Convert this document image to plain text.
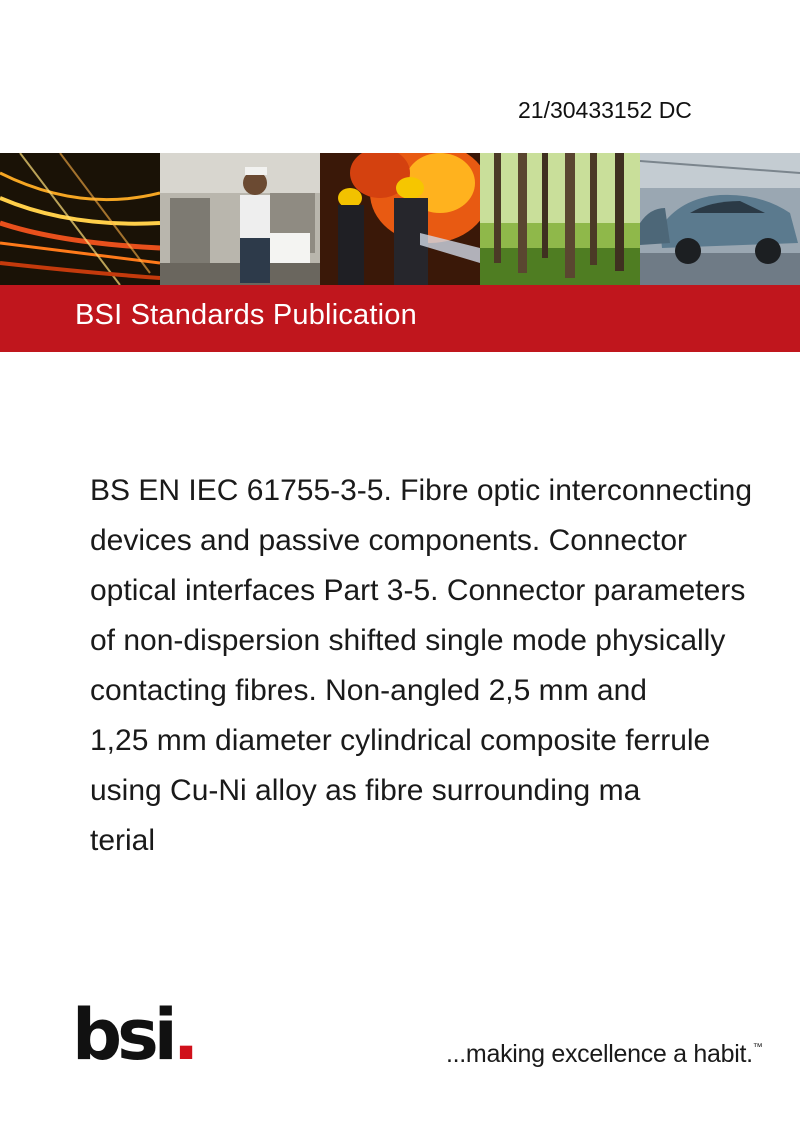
21/30433152 DC
BSI Standards Publication
BS EN IEC 61755-3-5. Fibre optic interconnecting
devices and passive components. Connector
optical interfaces Part 3-5. Connector parameters
of non-dispersion shifted single mode physically
contacting fibres. Non-angled 2,5 mm and
1,25 mm diameter cylindrical composite ferrule
using Cu-Ni alloy as fibre surrounding ma
terial
bsi.	...making excellence a habit.™
